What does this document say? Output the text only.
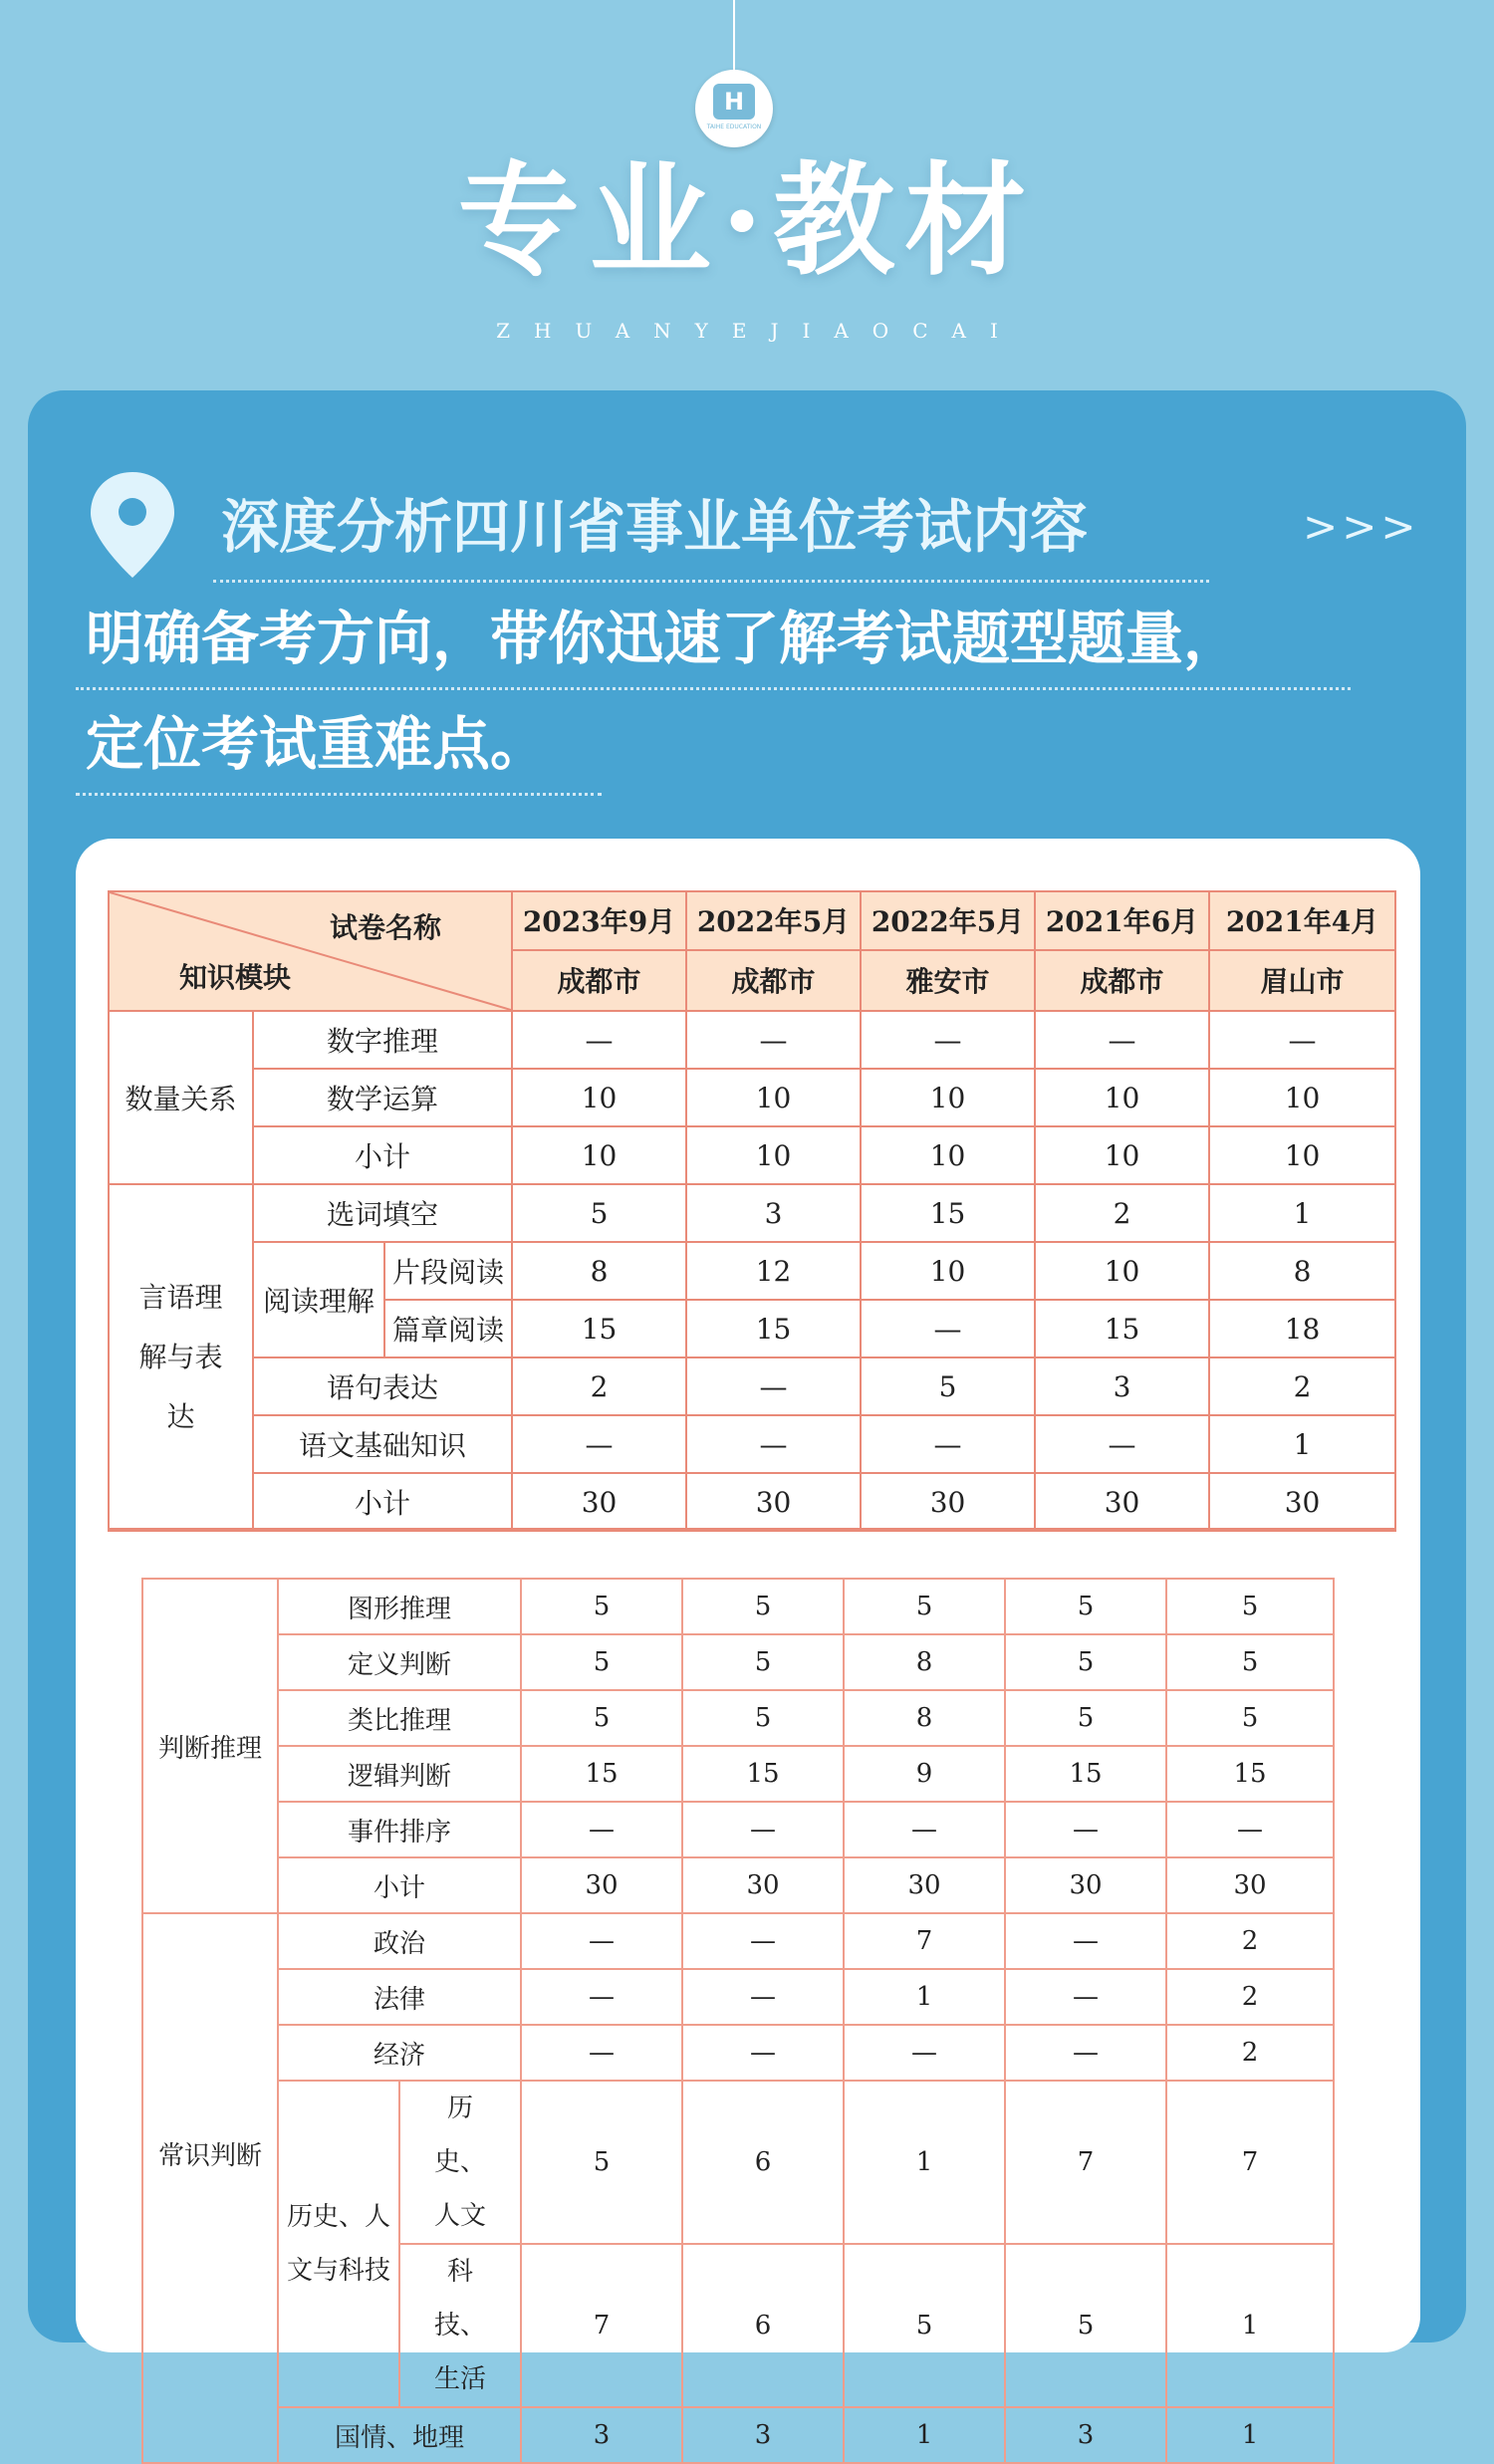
H
TAIHE EDUCATION
专业·教材
ZHUANYEJIAOCAI
深度分析四川省事业单位考试内容	>>>
明确备考方向，带你迅速了解考试题型题量，
定位考试重难点。
试卷名称
知识模块			2023年9月	2022年5月	2022年5月	2021年6月	2021年4月
			成都市	成都市	雅安市	成都市	眉山市
数量关系	数字推理		—	—	—	—	—
	数学运算		10	10	10	10	10
	小计		10	10	10	10	10
言语理解与表达	选词填空		5	3	15	2	1
	阅读理解	片段阅读	8	12	10	10	8
		篇章阅读	15	15	—	15	18
	语句表达		2	—	5	3	2
	语文基础知识		—	—	—	—	1
	小计		30	30	30	30	30
判断推理	图形推理		5	5	5	5	5
	定义判断		5	5	8	5	5
	类比推理		5	5	8	5	5
	逻辑判断		15	15	9	15	15
	事件排序		—	—	—	—	—
	小计		30	30	30	30	30
常识判断	政治		—	—	7	—	2
	法律		—	—	1	—	2
	经济		—	—	—	—	2
	历史、人文与科技	历史、人文	5	6	1	7	7
		科技、生活	7	6	5	5	1
	国情、地理		3	3	1	3	1
